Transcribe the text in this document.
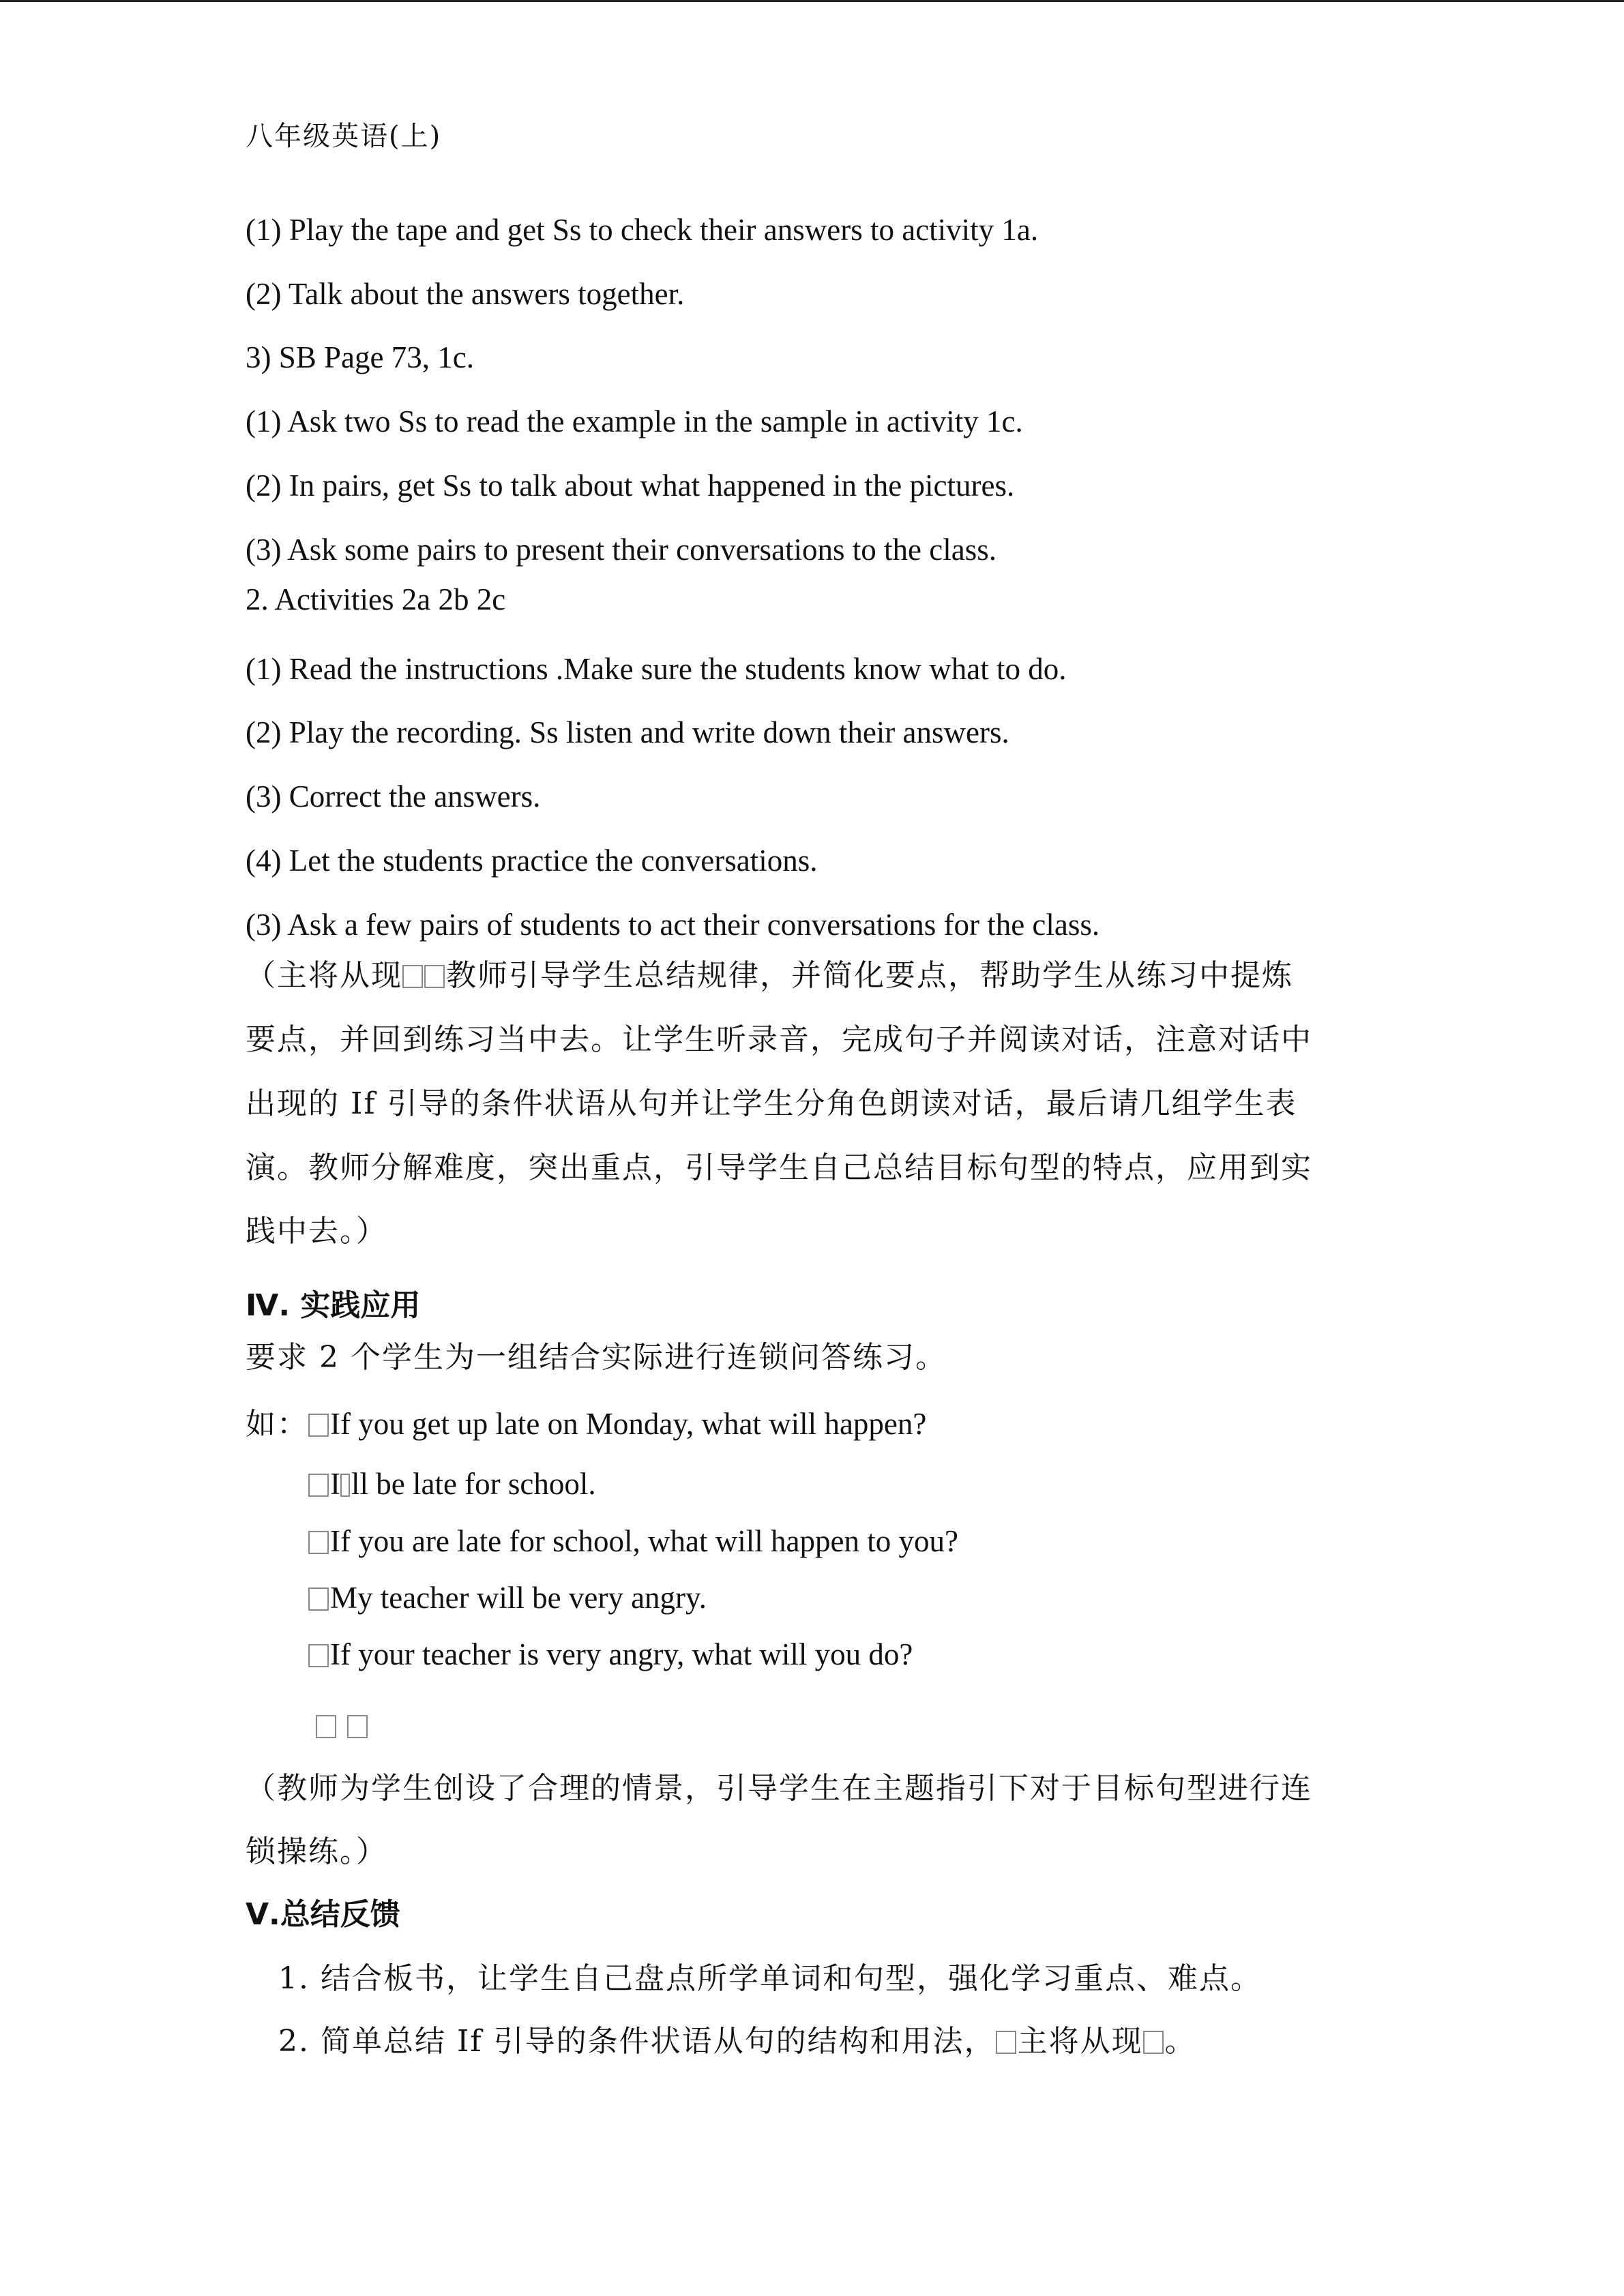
八年级英语(上)
(1) Play the tape and get Ss to check their answers to activity 1a.
(2) Talk about the answers together.
3) SB Page 73, 1c.
(1) Ask two Ss to read the example in the sample in activity 1c.
(2) In pairs, get Ss to talk about what happened in the pictures.
(3) Ask some pairs to present their conversations to the class.
2. Activities 2a 2b 2c
(1) Read the instructions .Make sure the students know what to do.
(2) Play the recording. Ss listen and write down their answers.
(3) Correct the answers.
(4) Let the students practice the conversations.
(3) Ask a few pairs of students to act their conversations for the class.
（主将从现 教师引导学生总结规律，并简化要点，帮助学生从练习中提炼
要点，并回到练习当中去。让学生听录音，完成句子并阅读对话，注意对话中
出现的 If 引导的条件状语从句并让学生分角色朗读对话，最后请几组学生表
演。教师分解难度，突出重点，引导学生自己总结目标句型的特点，应用到实
践中去。）
Ⅳ. 实践应用
要求 2 个学生为一组结合实际进行连锁问答练习。
如： If you get up late on Monday, what will happen?
I ll be late for school.
If you are late for school, what will happen to you?
My teacher will be very angry.
If your teacher is very angry, what will you do?
（教师为学生创设了合理的情景，引导学生在主题指引下对于目标句型进行连
锁操练。）
Ⅴ.总结反馈
1. 结合板书，让学生自己盘点所学单词和句型，强化学习重点、难点。
2. 简单总结 If 引导的条件状语从句的结构和用法， 主将从现 。
